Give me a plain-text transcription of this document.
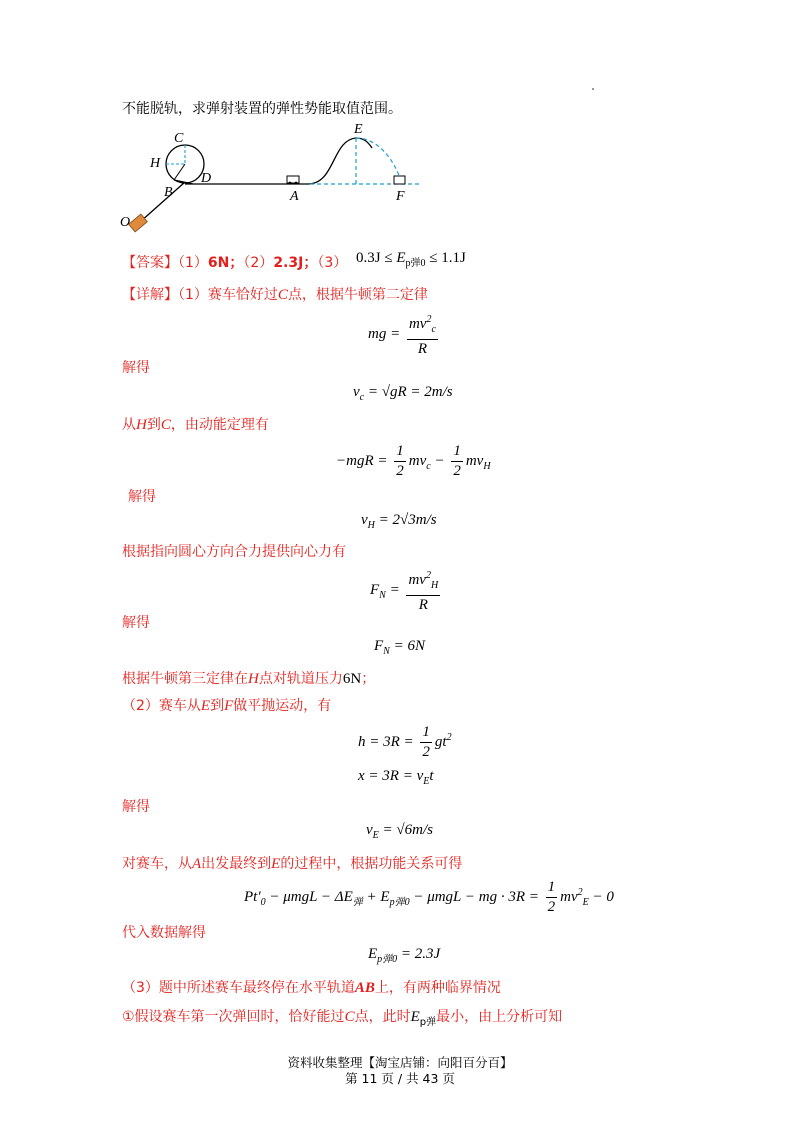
不能脱轨，求弹射装置的弹性势能取值范围。
C
H
D
B
O
A
E
F
【答案】（1）6N；（2）2.3J；（3） $0.3J \le E_{p弹0} \le 1.1J$
【详解】（1）赛车恰好过C点，根据牛顿第二定律
mg = $\frac{mv^2_c}{R}$
解得
$v_c = √gR = 2m/s$
从H到C，由动能定理有
$-mgR = \frac{1}{2} mv_c - \frac{1}{2} mv_H$
解得
$v_H = 2√3m/s$
根据指向圆心方向合力提供向心力有
$F_N = \frac{mv^2_H}{R}$
解得
$F_N = 6N$
根据牛顿第三定律在H点对轨道压力6N；
（2）赛车从E到F做平抛运动，有
$h = 3R = \frac{1}{2} gt^2$
$x = 3R = v_Et$
解得
$v_E = √6m/s$
对赛车，从A出发最终到E的过程中，根据功能关系可得
$Pt'_0 - \mu mgL - \Delta E_弹 + E_{p弹0} - \mu mgL$ − mg · $3R = \frac{1}{2} mv^2_E - 0$
代入数据解得
$E_{p弹0} = 2.3J$
（3）题中所述赛车最终停在水平轨道AB上，有两种临界情况
①假设赛车第一次弹回时，恰好能过C点，此时$E_{p弹}$最小，由上分析可知
资料收集整理【淘宝店铺：向阳百分百】
第 11 页 / 共 43 页
